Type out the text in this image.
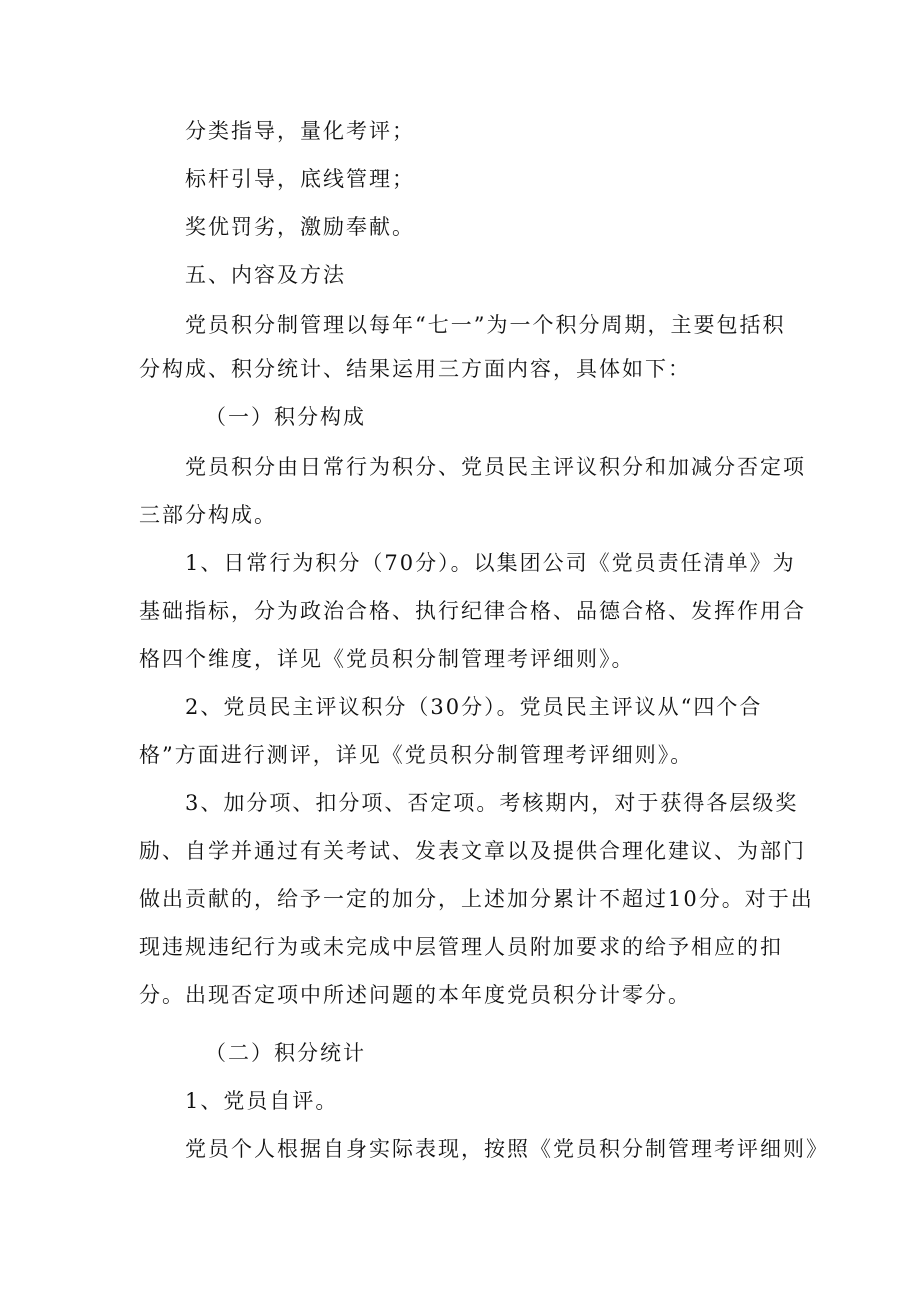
分类指导，量化考评；
标杆引导，底线管理；
奖优罚劣，激励奉献。
五、内容及方法
党员积分制管理以每年“七一”为一个积分周期，主要包括积
分构成、积分统计、结果运用三方面内容，具体如下：
（一）积分构成
党员积分由日常行为积分、党员民主评议积分和加减分否定项
三部分构成。
1、日常行为积分（70分）。以集团公司《党员责任清单》为
基础指标，分为政治合格、执行纪律合格、品德合格、发挥作用合
格四个维度，详见《党员积分制管理考评细则》。
2、党员民主评议积分（30分）。党员民主评议从“四个合
格”方面进行测评，详见《党员积分制管理考评细则》。
3、加分项、扣分项、否定项。考核期内，对于获得各层级奖
励、自学并通过有关考试、发表文章以及提供合理化建议、为部门
做出贡献的，给予一定的加分，上述加分累计不超过10分。对于出
现违规违纪行为或未完成中层管理人员附加要求的给予相应的扣
分。出现否定项中所述问题的本年度党员积分计零分。
（二）积分统计
1、党员自评。
党员个人根据自身实际表现，按照《党员积分制管理考评细则》
